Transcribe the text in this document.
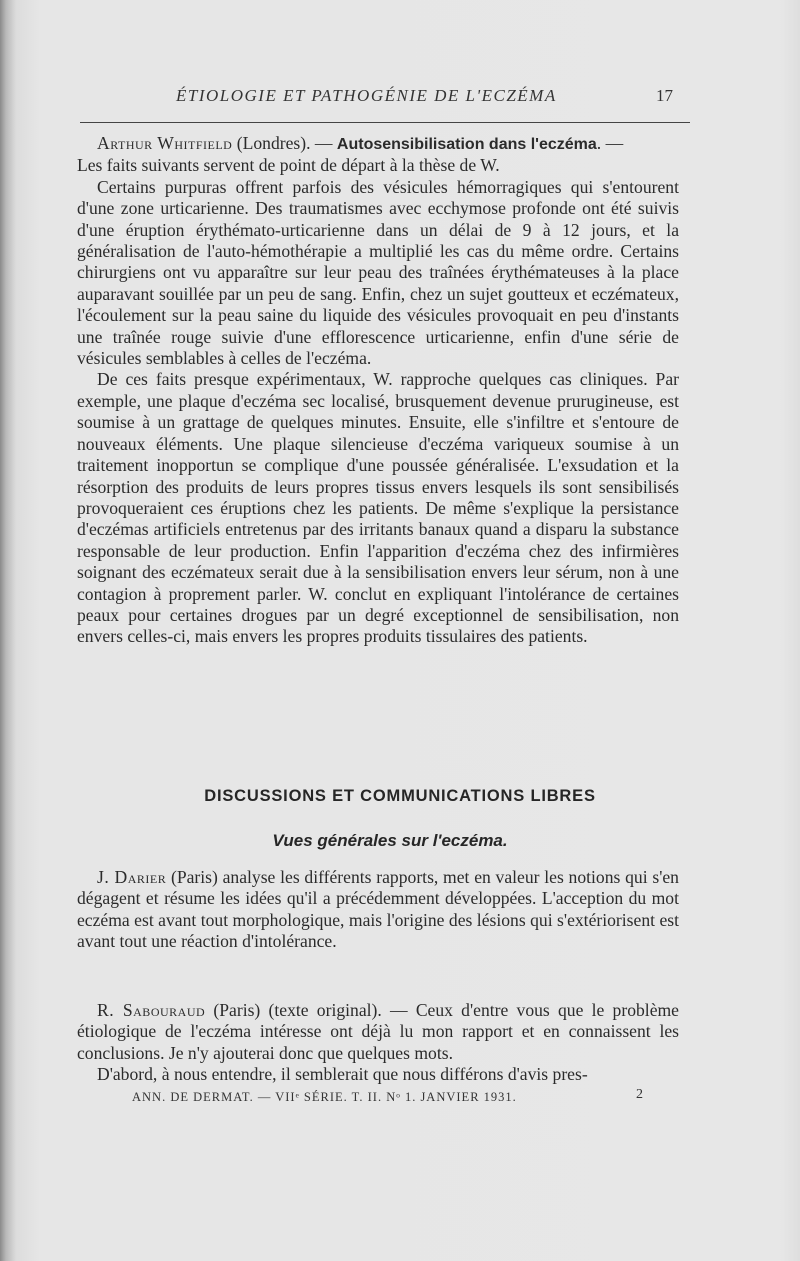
ÉTIOLOGIE ET PATHOGÉNIE DE L'ECZÉMA	17

Arthur Whitfield (Londres). — Autosensibilisation dans l'eczéma. —

Les faits suivants servent de point de départ à la thèse de W.

Certains purpuras offrent parfois des vésicules hémorragiques qui s'entourent d'une zone urticarienne. Des traumatismes avec ecchymose profonde ont été suivis d'une éruption érythémato-urticarienne dans un délai de 9 à 12 jours, et la généralisation de l'auto-hémothérapie a multiplié les cas du même ordre. Certains chirurgiens ont vu apparaître sur leur peau des traînées érythémateuses à la place auparavant souillée par un peu de sang. Enfin, chez un sujet goutteux et eczémateux, l'écoulement sur la peau saine du liquide des vésicules provoquait en peu d'instants une traînée rouge suivie d'une efflorescence urticarienne, enfin d'une série de vésicules semblables à celles de l'eczéma.

De ces faits presque expérimentaux, W. rapproche quelques cas cliniques. Par exemple, une plaque d'eczéma sec localisé, brusquement devenue prurugineuse, est soumise à un grattage de quelques minutes. Ensuite, elle s'infiltre et s'entoure de nouveaux éléments. Une plaque silencieuse d'eczéma variqueux soumise à un traitement inopportun se complique d'une poussée généralisée. L'exsudation et la résorption des produits de leurs propres tissus envers lesquels ils sont sensibilisés provoqueraient ces éruptions chez les patients. De même s'explique la persistance d'eczémas artificiels entretenus par des irritants banaux quand a disparu la substance responsable de leur production. Enfin l'apparition d'eczéma chez des infirmières soignant des eczémateux serait due à la sensibilisation envers leur sérum, non à une contagion à proprement parler. W. conclut en expliquant l'intolérance de certaines peaux pour certaines drogues par un degré exceptionnel de sensibilisation, non envers celles-ci, mais envers les propres produits tissulaires des patients.

DISCUSSIONS ET COMMUNICATIONS LIBRES
Vues générales sur l'eczéma.

J. Darier (Paris) analyse les différents rapports, met en valeur les notions qui s'en dégagent et résume les idées qu'il a précédemment développées. L'acception du mot eczéma est avant tout morphologique, mais l'origine des lésions qui s'extériorisent est avant tout une réaction d'intolérance.

R. Sabouraud (Paris) (texte original). — Ceux d'entre vous que le problème étiologique de l'eczéma intéresse ont déjà lu mon rapport et en connaissent les conclusions. Je n'y ajouterai donc que quelques mots.

D'abord, à nous entendre, il semblerait que nous différons d'avis pres-

ANN. DE DERMAT. — VIIᵉ SÉRIE. T. II. Nᵒ 1. JANVIER 1931.	2
